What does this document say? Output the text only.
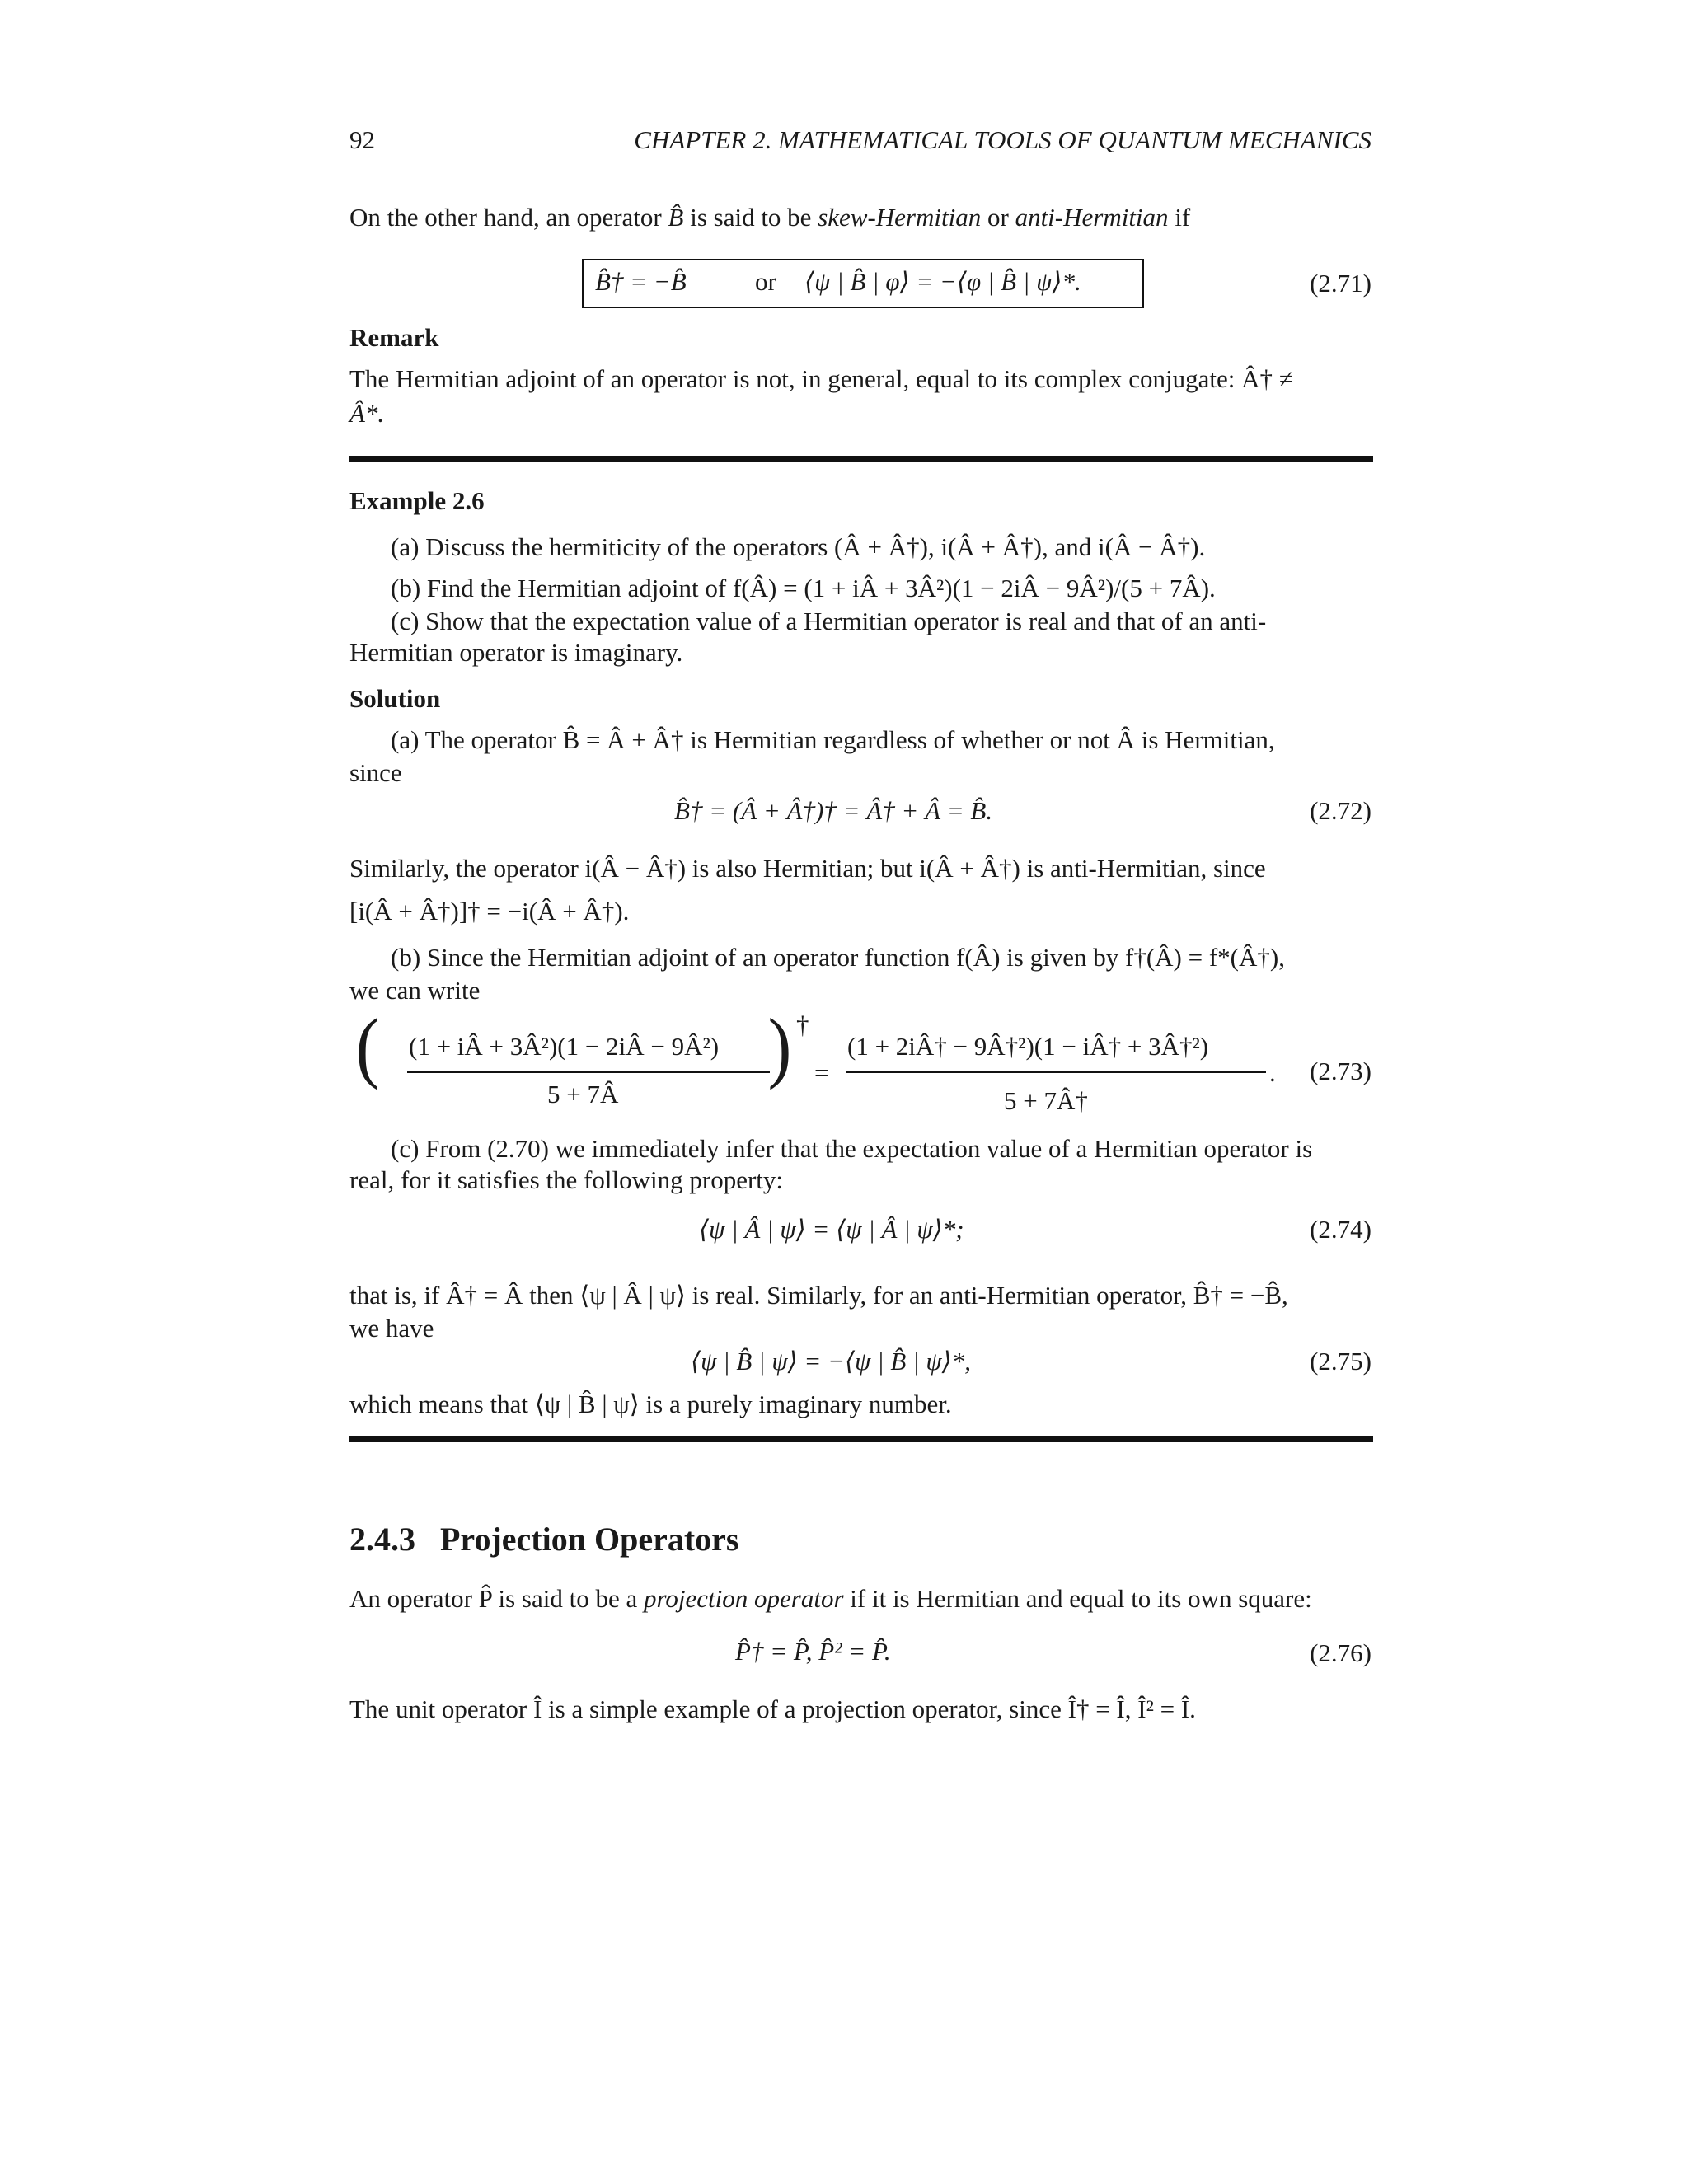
92	CHAPTER 2. MATHEMATICAL TOOLS OF QUANTUM MECHANICS
On the other hand, an operator B̂ is said to be skew-Hermitian or anti-Hermitian if
B̂† = −B̂	or ⟨ψ | B̂ | φ⟩ = −⟨φ | B̂ | ψ⟩*.	(2.71)
Remark
The Hermitian adjoint of an operator is not, in general, equal to its complex conjugate: Â† ≠
Â*.
Example 2.6
(a) Discuss the hermiticity of the operators (Â + Â†), i(Â + Â†), and i(Â − Â†).
(b) Find the Hermitian adjoint of f(Â) = (1 + iÂ + 3Â²)(1 − 2iÂ − 9Â²)/(5 + 7Â).
(c) Show that the expectation value of a Hermitian operator is real and that of an anti-
Hermitian operator is imaginary.
Solution
(a) The operator B̂ = Â + Â† is Hermitian regardless of whether or not Â is Hermitian,
since
B̂† = (Â + Â†)† = Â† + Â = B̂.	(2.72)
Similarly, the operator i(Â − Â†) is also Hermitian; but i(Â + Â†) is anti-Hermitian, since
[i(Â + Â†)]† = −i(Â + Â†).
(b) Since the Hermitian adjoint of an operator function f(Â) is given by f†(Â) = f*(Â†),
we can write
( (1 + iÂ + 3Â²)(1 − 2iÂ − 9Â²)
5 + 7Â
) †
=
(1 + 2iÂ† − 9Â†²)(1 − iÂ† + 3Â†²)
5 + 7Â†
. (2.73)
(c) From (2.70) we immediately infer that the expectation value of a Hermitian operator is
real, for it satisfies the following property:
⟨ψ | Â | ψ⟩ = ⟨ψ | Â | ψ⟩*;	(2.74)
that is, if Â† = Â then ⟨ψ | Â | ψ⟩ is real. Similarly, for an anti-Hermitian operator, B̂† = −B̂,
we have
⟨ψ | B̂ | ψ⟩ = −⟨ψ | B̂ | ψ⟩*,	(2.75)
which means that ⟨ψ | B̂ | ψ⟩ is a purely imaginary number.
2.4.3 Projection Operators
An operator P̂ is said to be a projection operator if it is Hermitian and equal to its own square:
P̂† = P̂, P̂² = P̂.	(2.76)
The unit operator Î is a simple example of a projection operator, since Î† = Î, Î² = Î.
